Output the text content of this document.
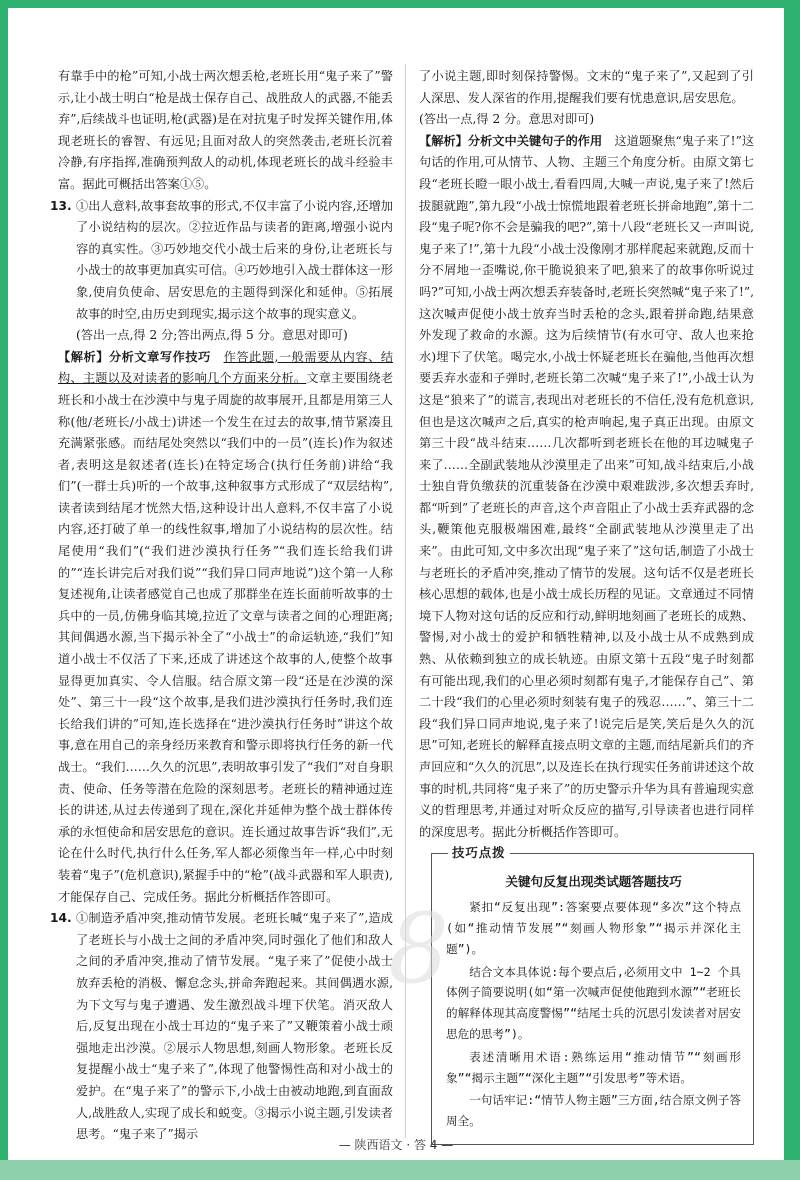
有靠手中的枪”可知,小战士两次想丢枪,老班长用“鬼子来了”警示,让小战士明白“枪是战士保存自己、战胜敌人的武器,不能丢弃”,后续战斗也证明,枪(武器)是在对抗鬼子时发挥关键作用,体现老班长的睿智、有远见;且面对敌人的突然袭击,老班长沉着冷静,有序指挥,准确预判敌人的动机,体现老班长的战斗经验丰富。据此可概括出答案①⑤。

13. ①出人意料,故事套故事的形式,不仅丰富了小说内容,还增加了小说结构的层次。②拉近作品与读者的距离,增强小说内容的真实性。③巧妙地交代小战士后来的身份,让老班长与小战士的故事更加真实可信。④巧妙地引入战士群体这一形象,使肩负使命、居安思危的主题得到深化和延伸。⑤拓展故事的时空,由历史到现实,揭示这个故事的现实意义。

(答出一点,得 2 分;答出两点,得 5 分。意思对即可)

【解析】分析文章写作技巧　 作答此题,一般需要从内容、结构、主题以及对读者的影响几个方面来分析。文章主要围绕老班长和小战士在沙漠中与鬼子周旋的故事展开,且都是用第三人称(他/老班长/小战士)讲述一个发生在过去的故事,情节紧凑且充满紧张感。而结尾处突然以“我们中的一员”(连长)作为叙述者,表明这是叙述者(连长)在特定场合(执行任务前)讲给“我们”(一群士兵)听的一个故事,这种叙事方式形成了“双层结构”,读者读到结尾才恍然大悟,这种设计出人意料,不仅丰富了小说内容,还打破了单一的线性叙事,增加了小说结构的层次性。结尾使用“我们”(“我们进沙漠执行任务”“我们连长给我们讲的”“连长讲完后对我们说”“我们异口同声地说”)这个第一人称复述视角,让读者感觉自己也成了那群坐在连长面前听故事的士兵中的一员,仿佛身临其境,拉近了文章与读者之间的心理距离;其间偶遇水源,当下揭示补全了“小战士”的命运轨迹,“我们”知道小战士不仅活了下来,还成了讲述这个故事的人,使整个故事显得更加真实、令人信服。结合原文第一段“还是在沙漠的深处”、第三十一段“这个故事,是我们进沙漠执行任务时,我们连长给我们讲的”可知,连长选择在“进沙漠执行任务时”讲这个故事,意在用自己的亲身经历来教育和警示即将执行任务的新一代战士。“我们……久久的沉思”,表明故事引发了“我们”对自身职责、使命、任务等潜在危险的深刻思考。老班长的精神通过连长的讲述,从过去传递到了现在,深化并延伸为整个战士群体传承的永恒使命和居安思危的意识。连长通过故事告诉“我们”,无论在什么时代,执行什么任务,军人都必须像当年一样,心中时刻装着“鬼子”(危机意识),紧握手中的“枪”(战斗武器和军人职责),才能保存自己、完成任务。据此分析概括作答即可。

14. ①制造矛盾冲突,推动情节发展。老班长喊“鬼子来了”,造成了老班长与小战士之间的矛盾冲突,同时强化了他们和敌人之间的矛盾冲突,推动了情节发展。“鬼子来了”促使小战士放弃丢枪的消极、懈怠念头,拼命奔跑起来。其间偶遇水源,为下文写与鬼子遭遇、发生激烈战斗埋下伏笔。消灭敌人后,反复出现在小战士耳边的“鬼子来了”又鞭策着小战士顽强地走出沙漠。②展示人物思想,刻画人物形象。老班长反复提醒小战士“鬼子来了”,体现了他警惕性高和对小战士的爱护。在“鬼子来了”的警示下,小战士由被动地跑,到直面敌人,战胜敌人,实现了成长和蜕变。③揭示小说主题,引发读者思考。“鬼子来了”揭示

了小说主题,即时刻保持警惕。文末的“鬼子来了”,又起到了引人深思、发人深省的作用,提醒我们要有忧患意识,居安思危。

(答出一点,得 2 分。意思对即可)

【解析】分析文中关键句子的作用　 这道题聚焦“鬼子来了!”这句话的作用,可从情节、人物、主题三个角度分析。由原文第七段“老班长瞪一眼小战士,看看四周,大喊一声说,鬼子来了!然后拔腿就跑”,第九段“小战士惊慌地跟着老班长拼命地跑”,第十二段“鬼子呢?你不会是骗我的吧?”,第十八段“老班长又一声叫说,鬼子来了!”,第十九段“小战士没像刚才那样爬起来就跑,反而十分不屑地一歪嘴说,你干脆说狼来了吧,狼来了的故事你听说过吗?”可知,小战士两次想丢弃装备时,老班长突然喊“鬼子来了!”,这次喊声促使小战士放弃当时丢枪的念头,跟着拼命跑,结果意外发现了救命的水源。这为后续情节(有水可守、敌人也来抢水)埋下了伏笔。喝完水,小战士怀疑老班长在骗他,当他再次想要丢弃水壶和子弹时,老班长第二次喊“鬼子来了!”,小战士认为这是“狼来了”的谎言,表现出对老班长的不信任,没有危机意识,但也是这次喊声之后,真实的枪声响起,鬼子真正出现。由原文第三十段“战斗结束……几次都听到老班长在他的耳边喊鬼子来了……全副武装地从沙漠里走了出来”可知,战斗结束后,小战士独自背负缴获的沉重装备在沙漠中艰难跋涉,多次想丢弃时,都“听到”了老班长的声音,这个声音阻止了小战士丢弃武器的念头,鞭策他克服极端困难,最终“全副武装地从沙漠里走了出来”。由此可知,文中多次出现“鬼子来了”这句话,制造了小战士与老班长的矛盾冲突,推动了情节的发展。这句话不仅是老班长核心思想的载体,也是小战士成长历程的见证。文章通过不同情境下人物对这句话的反应和行动,鲜明地刻画了老班长的成熟、警惕,对小战士的爱护和牺牲精神,以及小战士从不成熟到成熟、从依赖到独立的成长轨迹。由原文第十五段“鬼子时刻都有可能出现,我们的心里必须时刻都有鬼子,才能保存自己”、第二十段“我们的心里必须时刻装有鬼子的残忍……”、第三十二段“我们异口同声地说,鬼子来了!说完后是笑,笑后是久久的沉思”可知,老班长的解释直接点明文章的主题,而结尾新兵们的齐声回应和“久久的沉思”,以及连长在执行现实任务前讲述这个故事的时机,共同将“鬼子来了”的历史警示升华为具有普遍现实意义的哲理思考,并通过对听众反应的描写,引导读者也进行同样的深度思考。据此分析概括作答即可。

技巧点拨
关键句反复出现类试题答题技巧

紧扣“反复出现”:答案要点要体现“多次”这个特点(如“推动情节发展”“刻画人物形象”“揭示并深化主题”)。

结合文本具体说:每个要点后,必须用文中 1~2 个具体例子简要说明(如“第一次喊声促使他跑到水源”“老班长的解释体现其高度警惕”“结尾士兵的沉思引发读者对居安思危的思考”)。

表述清晰用术语:熟练运用“推动情节”“刻画形象”“揭示主题”“深化主题”“引发思考”等术语。

一句话牢记:“情节人物主题”三方面,结合原文例子答周全。

8
— 陕西语文 · 答 4 —
